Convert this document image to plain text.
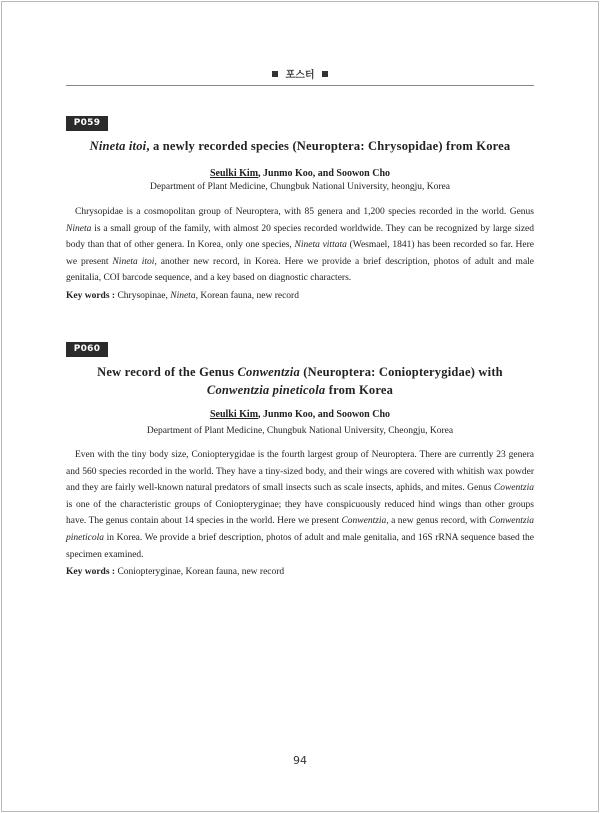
포스터
P059
Nineta itoi, a newly recorded species (Neuroptera: Chrysopidae) from Korea
Seulki Kim, Junmo Koo, and Soowon Cho
Department of Plant Medicine, Chungbuk National University, heongju, Korea

Chrysopidae is a cosmopolitan group of Neuroptera, with 85 genera and 1,200 species recorded in the world. Genus Nineta is a small group of the family, with almost 20 species recorded worldwide. They can be recognized by large sized body than that of other genera. In Korea, only one species, Nineta vittata (Wesmael, 1841) has been recorded so far. Here we present Nineta itoi, another new record, in Korea. Here we provide a brief description, photos of adult and male genitalia, COI barcode sequence, and a key based on diagnostic characters.

Key words : Chrysopinae, Nineta, Korean fauna, new record
P060
New record of the Genus Conwentzia (Neuroptera: Coniopterygidae) with Conwentzia pineticola from Korea
Seulki Kim, Junmo Koo, and Soowon Cho
Department of Plant Medicine, Chungbuk National University, Cheongju, Korea

Even with the tiny body size, Coniopterygidae is the fourth largest group of Neuroptera. There are currently 23 genera and 560 species recorded in the world. They have a tiny-sized body, and their wings are covered with whitish wax powder and they are fairly well-known natural predators of small insects such as scale insects, aphids, and mites. Genus Cowentzia is one of the characteristic groups of Coniopteryginae; they have conspicuously reduced hind wings than other groups have. The genus contain about 14 species in the world. Here we present Conwentzia, a new genus record, with Conwentzia pineticola in Korea. We provide a brief description, photos of adult and male genitalia, and 16S rRNA sequence based the specimen examined.

Key words : Coniopteryginae, Korean fauna, new record
94
